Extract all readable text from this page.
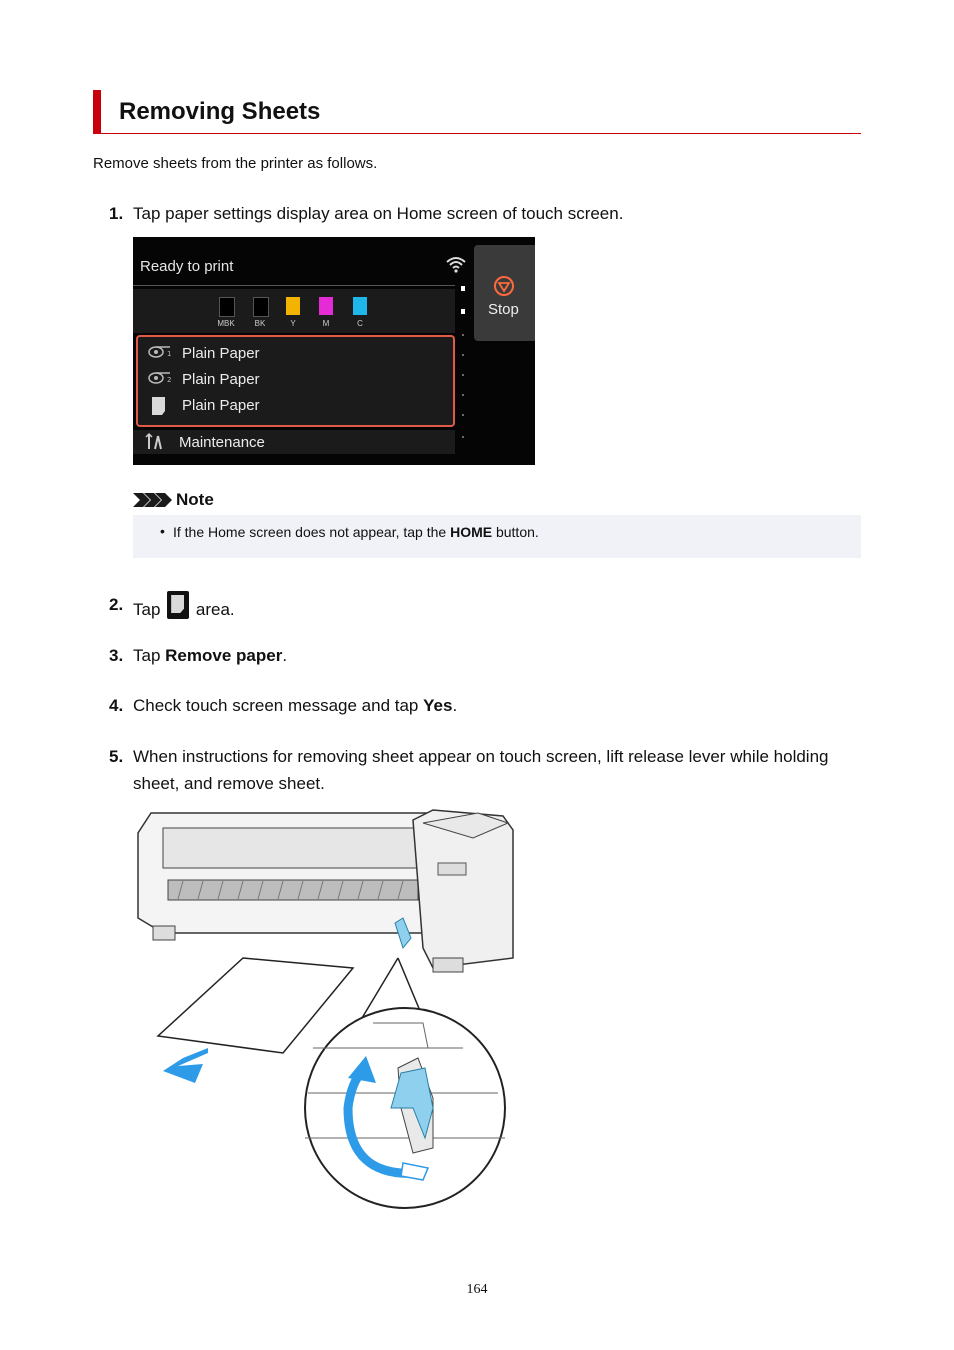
Removing Sheets

Remove sheets from the printer as follows.

1. Tap paper settings display area on Home screen of touch screen.
Ready to print
MBK	BK	Y	M	C
Stop
1 Plain Paper
2 Plain Paper
Plain Paper
Maintenance
Note
• If the Home screen does not appear, tap the HOME button.
2. Tap area.
3. Tap Remove paper.
4. Check touch screen message and tap Yes.
5. When instructions for removing sheet appear on touch screen, lift release lever while holding sheet, and remove sheet.
164
